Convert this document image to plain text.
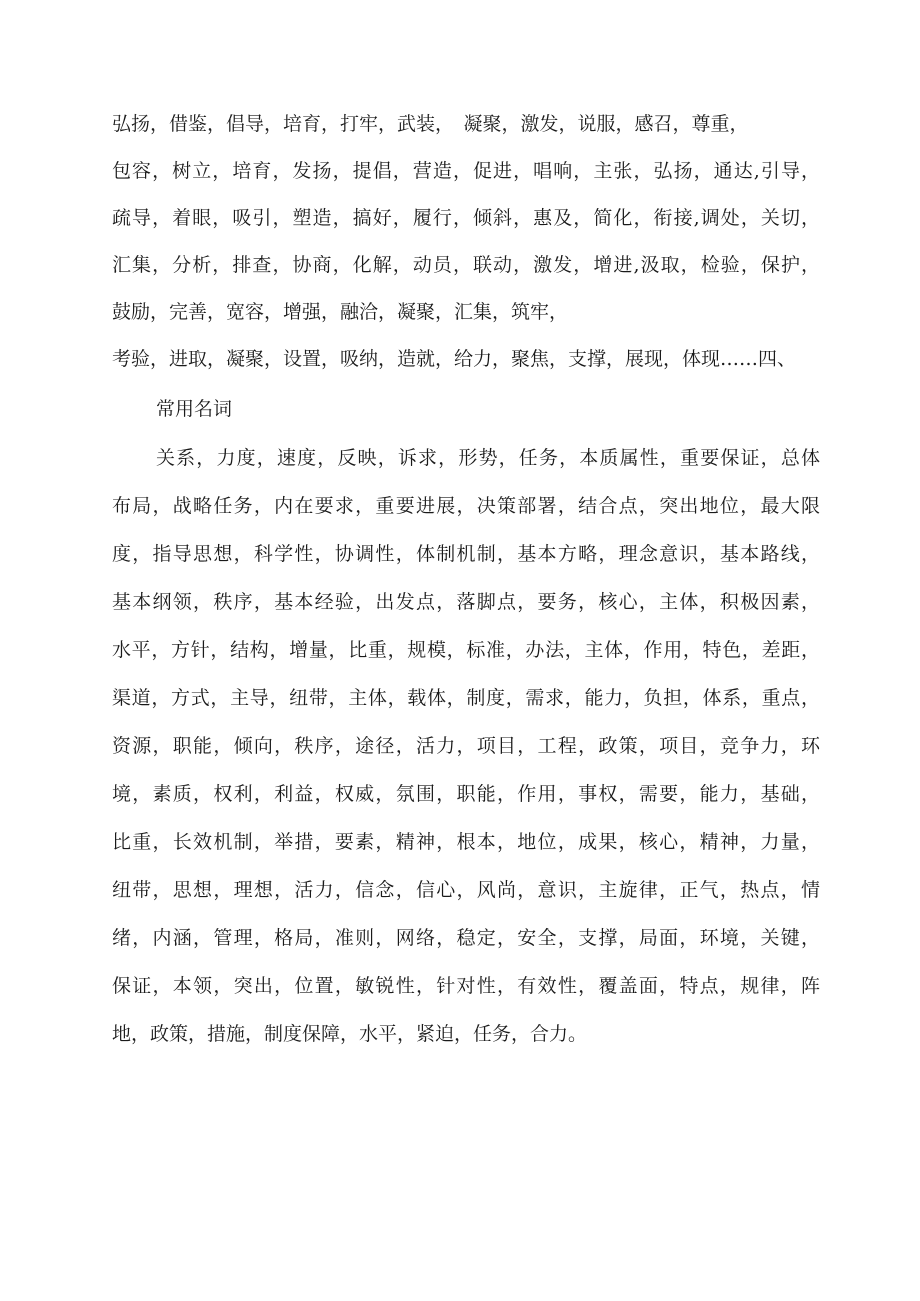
弘扬，借鉴，倡导，培育，打牢，武装，　凝聚，激发，说服，感召，尊重，
包容，树立，培育，发扬，提倡，营造，促进，唱响，主张，弘扬，通达,引导，
疏导，着眼，吸引，塑造，搞好，履行，倾斜，惠及，简化，衔接,调处，关切，
汇集，分析，排查，协商，化解，动员，联动，激发，增进,汲取，检验，保护，
鼓励，完善，宽容，增强，融洽，凝聚，汇集，筑牢，
考验，进取，凝聚，设置，吸纳，造就，给力，聚焦，支撑，展现，体现……四、
常用名词
关系，力度，速度，反映，诉求，形势，任务，本质属性，重要保证，总体
布局，战略任务，内在要求，重要进展，决策部署，结合点，突出地位，最大限
度，指导思想，科学性，协调性，体制机制，基本方略，理念意识，基本路线，
基本纲领，秩序，基本经验，出发点，落脚点，要务，核心，主体，积极因素，
水平，方针，结构，增量，比重，规模，标准，办法，主体，作用，特色，差距，
渠道，方式，主导，纽带，主体，载体，制度，需求，能力，负担，体系，重点，
资源，职能，倾向，秩序，途径，活力，项目，工程，政策，项目，竞争力，环
境，素质，权利，利益，权威，氛围，职能，作用，事权，需要，能力，基础，
比重，长效机制，举措，要素，精神，根本，地位，成果，核心，精神，力量，
纽带，思想，理想，活力，信念，信心，风尚，意识，主旋律，正气，热点，情
绪，内涵，管理，格局，准则，网络，稳定，安全，支撑，局面，环境，关键，
保证，本领，突出，位置，敏锐性，针对性，有效性，覆盖面，特点，规律，阵
地，政策，措施，制度保障，水平，紧迫，任务，合力。
